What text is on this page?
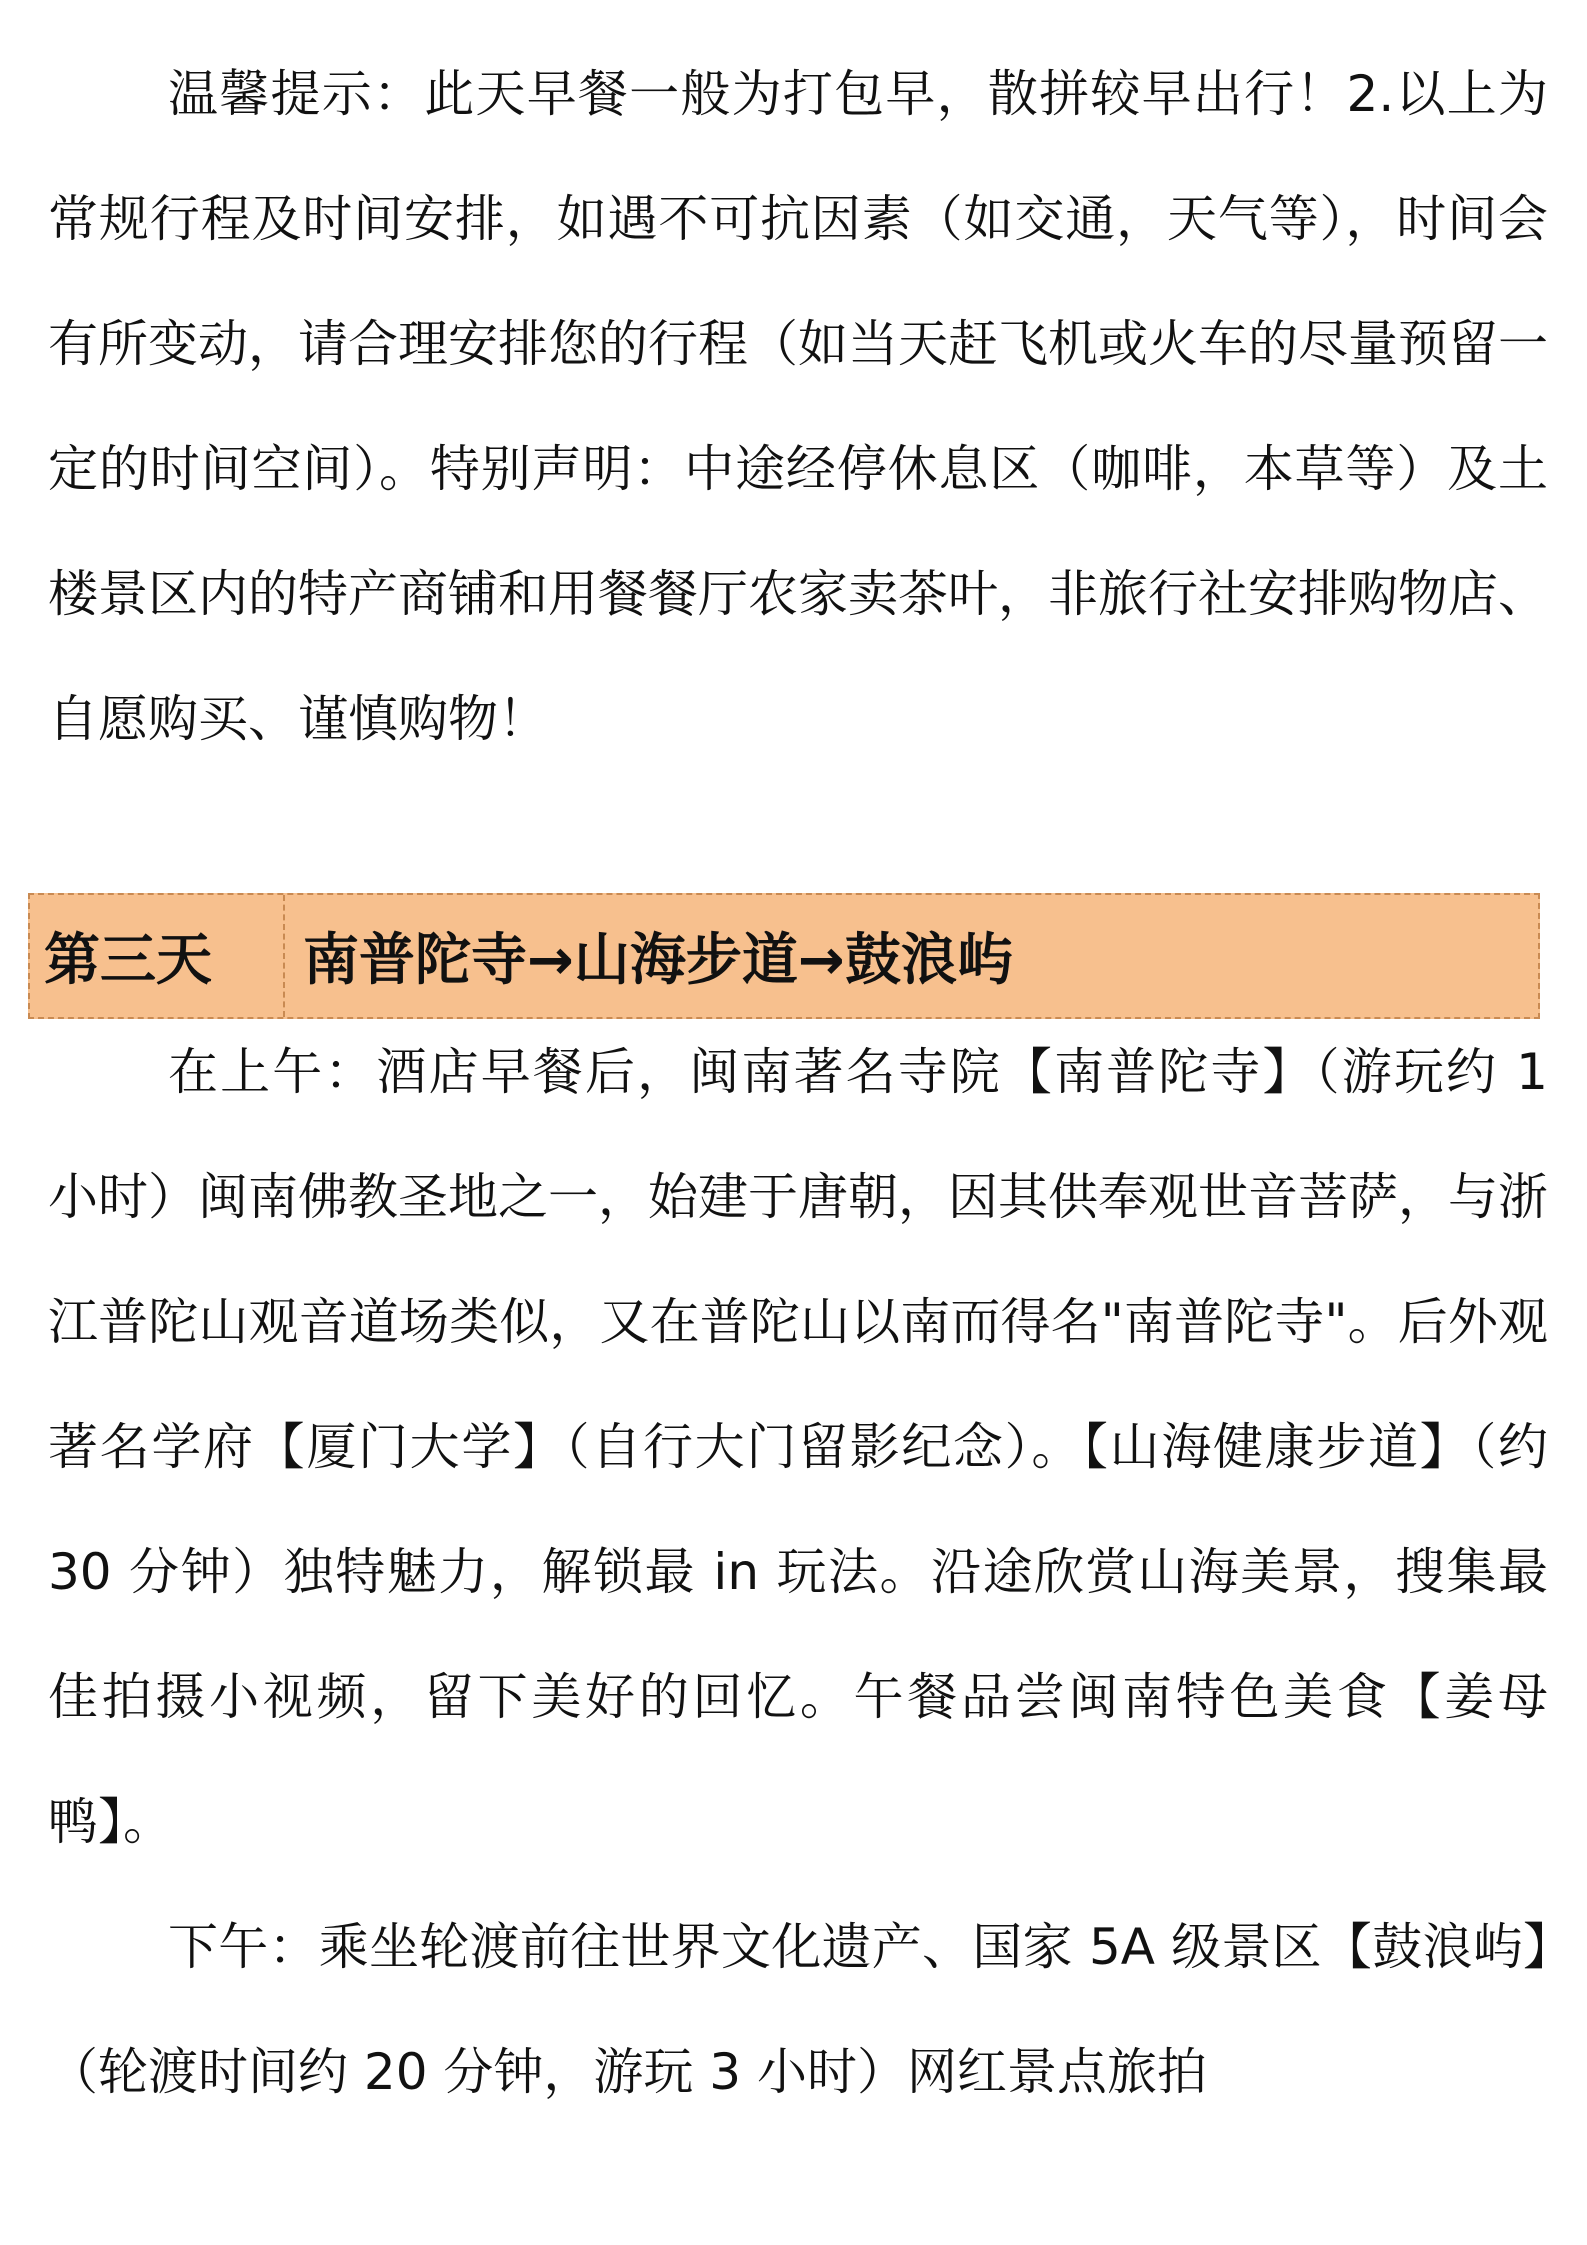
温馨提示：此天早餐一般为打包早，散拼较早出行！2.以上为常规行程及时间安排，如遇不可抗因素（如交通，天气等），时间会有所变动，请合理安排您的行程（如当天赶飞机或火车的尽量预留一定的时间空间）。特别声明：中途经停休息区（咖啡，本草等）及土楼景区内的特产商铺和用餐餐厅农家卖茶叶，非旅行社安排购物店、自愿购买、谨慎购物！

第三天	南普陀寺→山海步道→鼓浪屿

在上午：酒店早餐后，闽南著名寺院【南普陀寺】（游玩约 1 小时）闽南佛教圣地之一，始建于唐朝，因其供奉观世音菩萨，与浙江普陀山观音道场类似，又在普陀山以南而得名"南普陀寺"。后外观著名学府【厦门大学】（自行大门留影纪念）。【山海健康步道】（约 30 分钟）独特魅力，解锁最 in 玩法。沿途欣赏山海美景，搜集最佳拍摄小视频，留下美好的回忆。午餐品尝闽南特色美食【姜母鸭】。

下午：乘坐轮渡前往世界文化遗产、国家 5A 级景区【鼓浪屿】（轮渡时间约 20 分钟，游玩 3 小时）网红景点旅拍
